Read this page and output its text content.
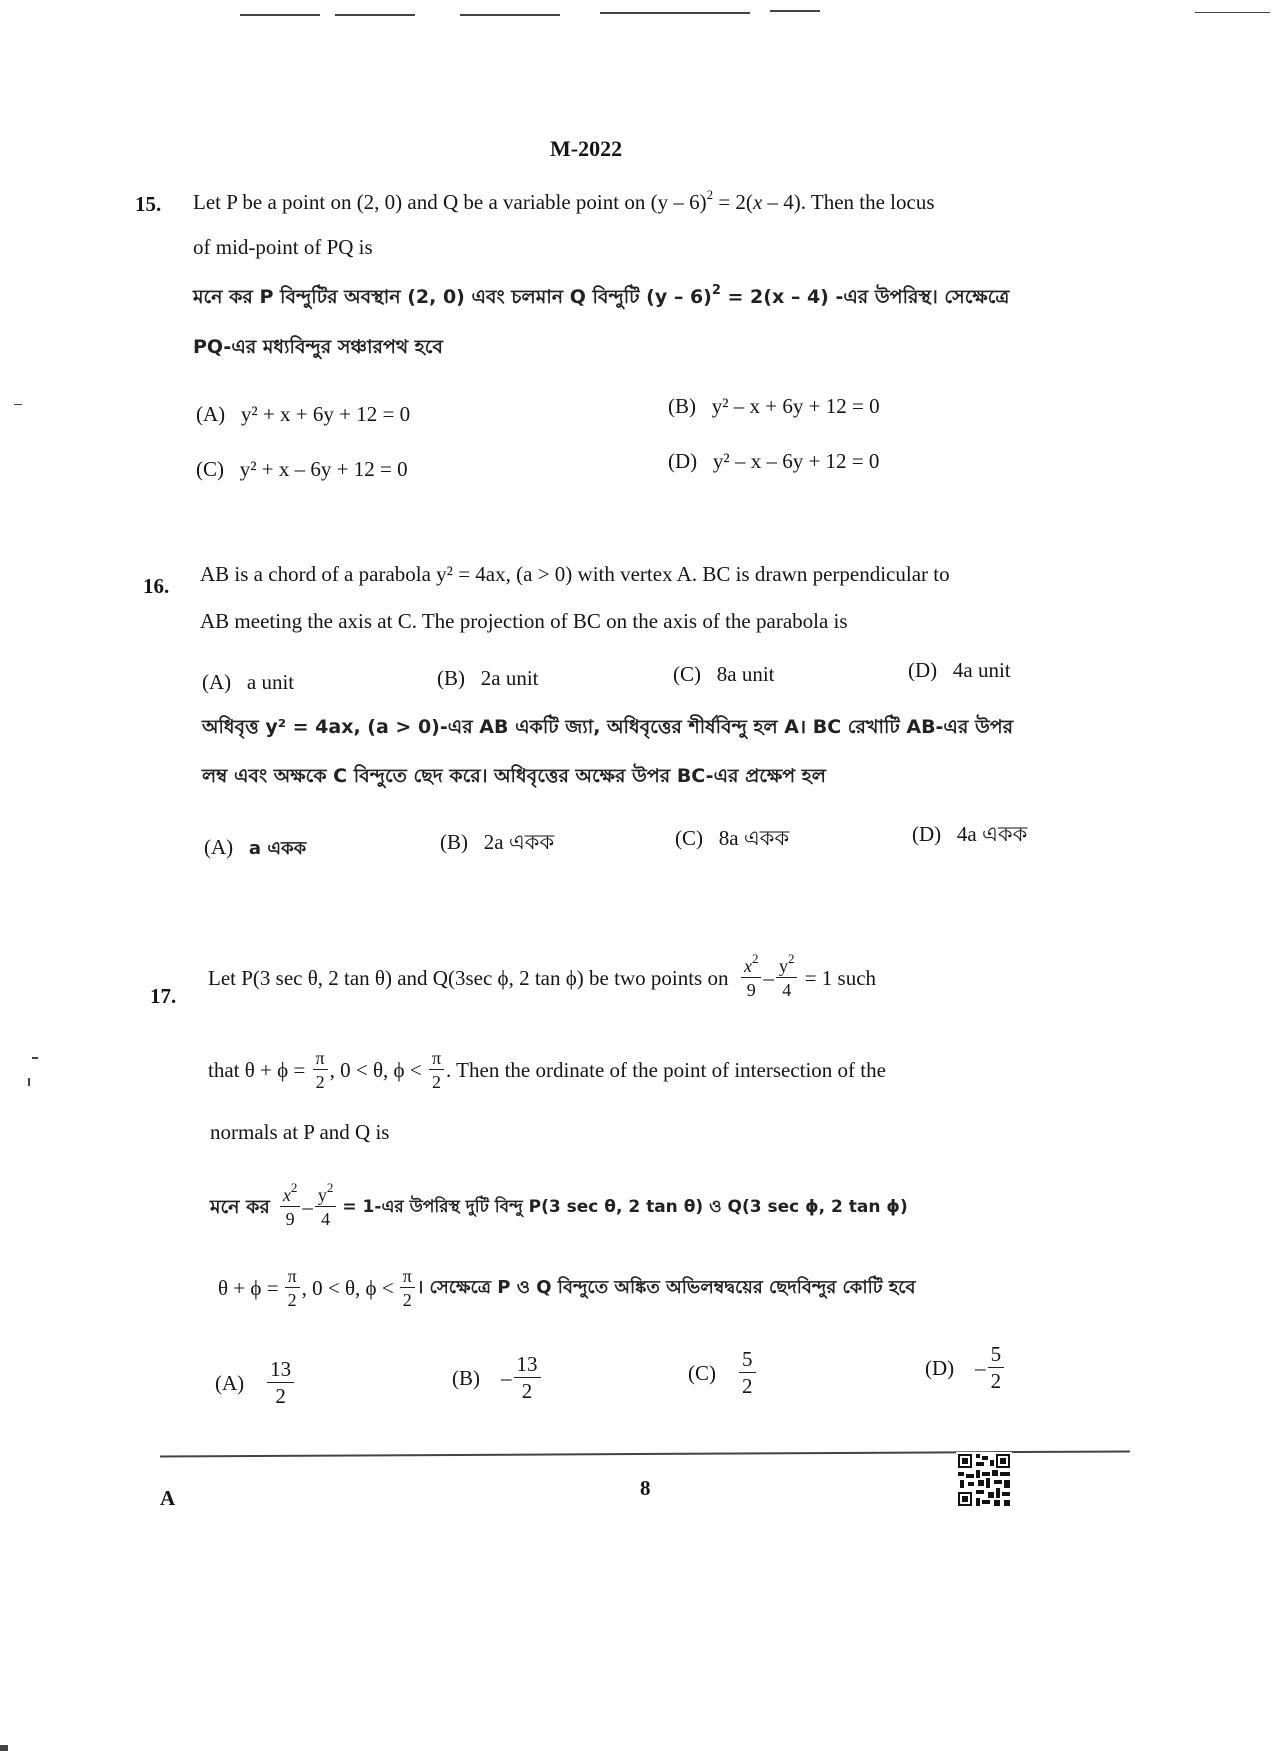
M-2022
15. Let P be a point on (2, 0) and Q be a variable point on (y – 6)$^2$ = 2(x – 4). Then the locus
of mid-point of PQ is
মনে কর P বিন্দুটির অবস্থান (2, 0) এবং চলমান Q বিন্দুটি (y – 6)$^2$ = 2(x – 4) -এর উপরিস্থ। সেক্ষেত্রে
PQ-এর মধ্যবিন্দুর সঞ্চারপথ হবে
(A) y² + x + 6y + 12 = 0	(B) y² – x + 6y + 12 = 0
(C) y² + x – 6y + 12 = 0	(D) y² – x – 6y + 12 = 0
16. AB is a chord of a parabola y² = 4ax, (a > 0) with vertex A. BC is drawn perpendicular to
AB meeting the axis at C. The projection of BC on the axis of the parabola is
(A) a unit	(B) 2a unit	(C) 8a unit	(D) 4a unit
অধিবৃত্ত y² = 4ax, (a > 0)-এর AB একটি জ্যা, অধিবৃত্তের শীর্ষবিন্দু হল A। BC রেখাটি AB-এর উপর
লম্ব এবং অক্ষকে C বিন্দুতে ছেদ করে। অধিবৃত্তের অক্ষের উপর BC-এর প্রক্ষেপ হল
(A) a একক	(B) 2a একক	(C) 8a একক	(D) 4a একক
17.
Let P(3 sec θ, 2 tan θ) and Q(3sec ϕ, 2 tan ϕ) be two points on
$\frac{x^2}{9} - \frac{y^2}{4}$
= 1 such
that θ + ϕ =
$\frac{\pi}{2}$ , 0 < θ, ϕ <
$\frac{\pi}{2}$ . Then the ordinate of the point of intersection of the
normals at P and Q is
মনে কর
$\frac{x^2}{9} - \frac{y^2}{4}$
= 1-এর উপরিস্থ দুটি বিন্দু P(3 sec θ, 2 tan θ) ও Q(3 sec ϕ, 2 tan ϕ)
θ + ϕ =
$\frac{\pi}{2}$ , 0 < θ, ϕ <
$\frac{\pi}{2}$ । সেক্ষেত্রে P ও Q বিন্দুতে অঙ্কিত অভিলম্বদ্বয়ের ছেদবিন্দুর কোটি হবে
(A)
$\frac{13}{2}$	(B)
– $\frac{13}{2}$	(C)
$\frac{5}{2}$	(D)
– $\frac{5}{2}$
A	8
